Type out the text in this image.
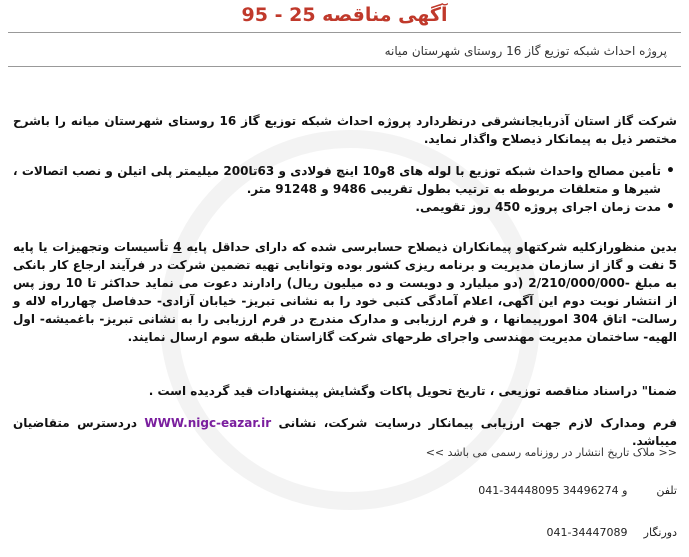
آگهی مناقصه 25 - 95
پروژه احداث شبکه توزیع گاز 16 روستای شهرستان میانه
شرکت گاز استان آذربایجانشرقی درنظردارد پروژه احداث شبکه توزیع گاز 16 روستای شهرستان میانه را باشرح مختصر ذیل به پیمانکار ذیصلاح واگذار نماید.
•
تأمین مصالح واحداث شبکه توزیع با لوله های 8و10 اینچ فولادی و 63تا200 میلیمتر پلی اتیلن و نصب اتصالات ، شیرها و متعلقات مربوطه به ترتیب بطول تقریبی 9486 و 91248 متر.
•
مدت زمان اجرای پروژه 450 روز تقویمی.
بدین منظورازکلیه شرکتهاو پیمانکاران ذیصلاح حسابرسی شده که دارای حداقل پایه 4 تأسیسات وتجهیزات یا پایه 5 نفت و گاز از سازمان مدیریت و برنامه ریزی کشور بوده وتوانایی تهیه تضمین شرکت در فرآیند ارجاع کار بانکی به مبلغ -2/210/000/000 (دو میلیارد و دویست و ده میلیون ریال) رادارند دعوت می نماید حداکثر تا 10 روز پس از انتشار نوبت دوم این آگهی، اعلام آمادگی کتبی خود را به نشانی تبریز- خیابان آزادی- حدفاصل چهارراه لاله و رسالت- اتاق 304 امورپیمانها ، و فرم ارزیابی و مدارک مندرج در فرم ارزیابی را به نشانی تبریز- باغمیشه- اول الهیه- ساختمان مدیریت مهندسی واجرای طرحهای شرکت گازاستان طبقه سوم ارسال نمایند.
ضمنا" دراسناد مناقصه توزیعی ، تاریخ تحویل پاکات وگشایش پیشنهادات قید گردیده است .
فرم ومدارک لازم جهت ارزیابی پیمانکار درسایت شرکت، نشانی WWW.nigc-eazar.ir دردسترس متقاضیان میباشد.
<< ملاک تاریخ انتشار در روزنامه رسمی می باشد >>
تلفن 041-34448095 و 34496274
دورنگار 041-34447089
